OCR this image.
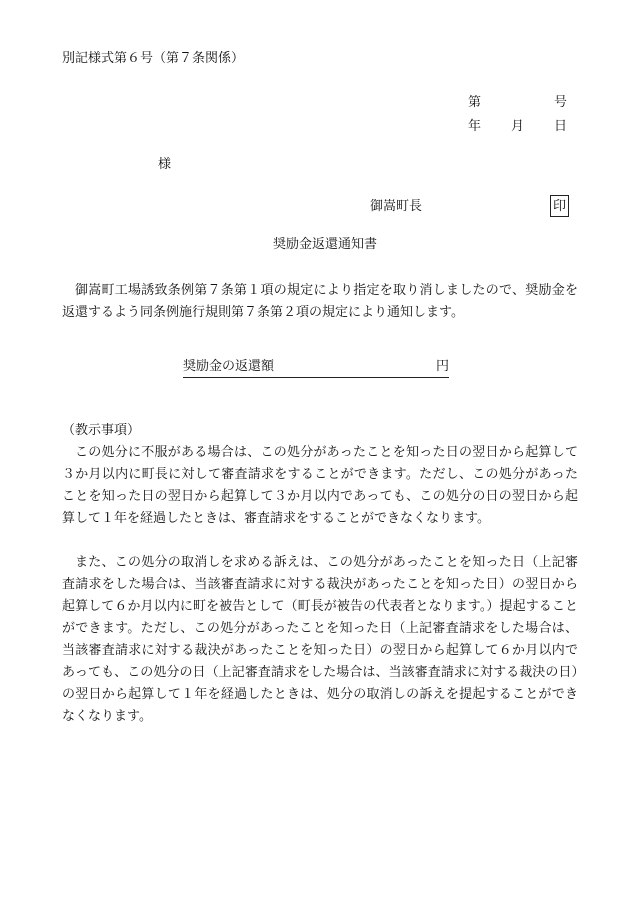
別記様式第６号（第７条関係）
第	号
年 月 日
様
御嵩町長	印
奨励金返還通知書

御嵩町工場誘致条例第７条第１項の規定により指定を取り消しましたので、奨励金を返還するよう同条例施行規則第７条第２項の規定により通知します。

奨励金の返還額	円
（教示事項）

この処分に不服がある場合は、この処分があったことを知った日の翌日から起算して３か月以内に町長に対して審査請求をすることができます。ただし、この処分があったことを知った日の翌日から起算して３か月以内であっても、この処分の日の翌日から起算して１年を経過したときは、審査請求をすることができなくなります。

また、この処分の取消しを求める訴えは、この処分があったことを知った日（上記審査請求をした場合は、当該審査請求に対する裁決があったことを知った日）の翌日から起算して６か月以内に町を被告として（町長が被告の代表者となります。）提起することができます。ただし、この処分があったことを知った日（上記審査請求をした場合は、当該審査請求に対する裁決があったことを知った日）の翌日から起算して６か月以内であっても、この処分の日（上記審査請求をした場合は、当該審査請求に対する裁決の日）の翌日から起算して１年を経過したときは、処分の取消しの訴えを提起することができなくなります。
